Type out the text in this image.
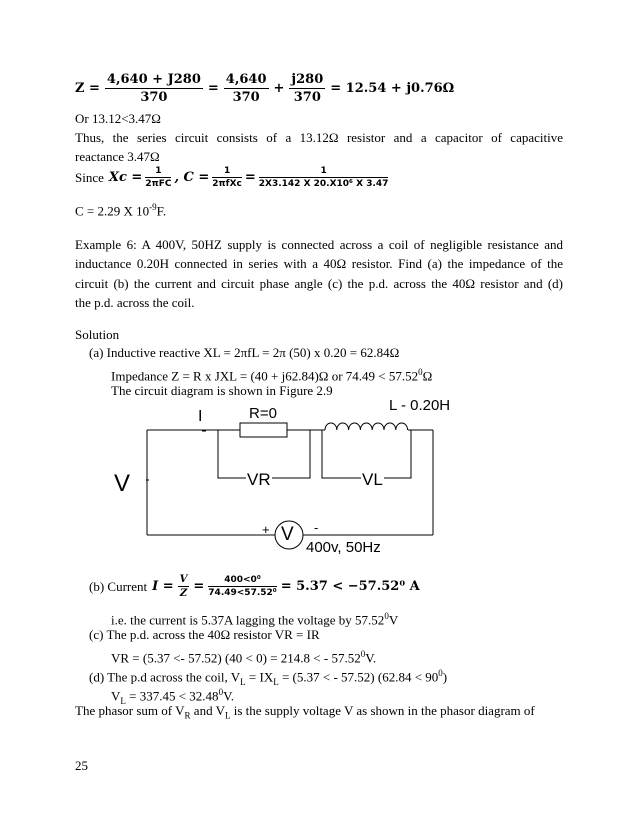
$Z = \frac{4,640 + J280}{370} = \frac{4,640}{370} + \frac{j280}{370} = 12.54 + j0.76\Omega$
Or 13.12<3.47Ω
Thus, the series circuit consists of a 13.12Ω resistor and a capacitor of capacitive
reactance 3.47Ω
Since $Xc = \frac{1}{\text{2πFC}}$ , $C = \frac{1}{\text{2πfXc}} = \frac{1}{\text{2X3.142 X 20.X10⁶ X 3.47}}$
C = 2.29 X $10^{-9}F$.
Example 6: A 400V, 50HZ supply is connected across a coil of negligible resistance and
inductance 0.20H connected in series with a 40Ω resistor. Find (a) the impedance of the
circuit (b) the current and circuit phase angle (c) the p.d. across the 40Ω resistor and (d)
the p.d. across the coil.
Solution
(a) Inductive reactive XL = 2πfL = 2π (50) x 0.20 = 62.84Ω
Impedance Z = R x JXL = (40 + j62.84)Ω or $74.49 < 57.52^0\Omega$
The circuit diagram is shown in Figure 2.9
I	R=0	L - 0.20H
VR	VL
V
+ V -
400v, 50Hz
(b) Current $I = \frac{V}{Z} = \frac{\text{400<0⁰}}{\text{74.49<57.52⁰}} = 5.37 < -57.52^0$ A
i.e. the current is 5.37A lagging the voltage by 57.52$^0$V
(c) The p.d. across the 40Ω resistor VR = IR
VR = (5.37 <- 57.52) (40 < 0) = 214.8 < - 57.52$^0$V.
(d) The p.d across the coil, $V_L = IX_L = (5.37$ < - 57.52) $(62.84 < 90^0)$
$V_L = 337.45 < 32.48^0V$.
The phasor sum of $V_R$ and $V_L$ is the supply voltage V as shown in the phasor diagram of
25
